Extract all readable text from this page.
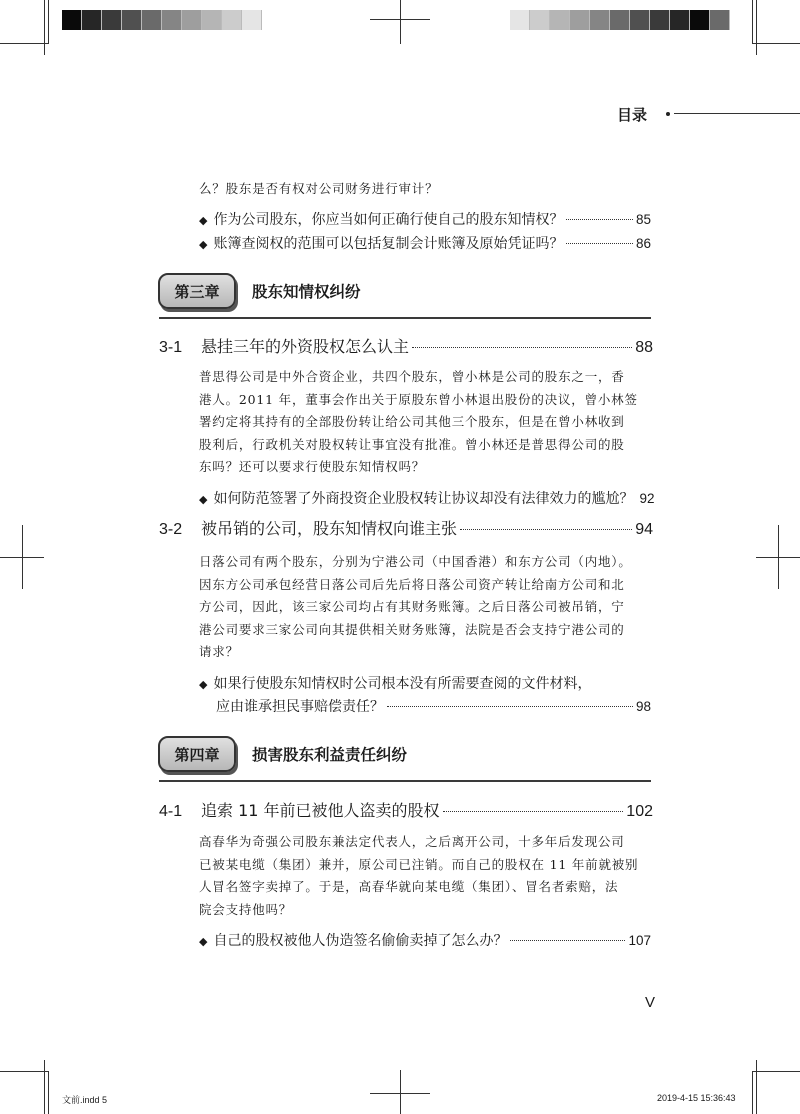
目录
么？股东是否有权对公司财务进行审计？
◆ 作为公司股东，你应当如何正确行使自己的股东知情权？	85
◆ 账簿查阅权的范围可以包括复制会计账簿及原始凭证吗？	86
第三章	股东知情权纠纷
3-1	悬挂三年的外资股权怎么认主	88
普思得公司是中外合资企业，共四个股东，曾小林是公司的股东之一，香
港人。2011 年，董事会作出关于原股东曾小林退出股份的决议，曾小林签
署约定将其持有的全部股份转让给公司其他三个股东，但是在曾小林收到
股利后，行政机关对股权转让事宜没有批准。曾小林还是普思得公司的股
东吗？还可以要求行使股东知情权吗？
◆ 如何防范签署了外商投资企业股权转让协议却没有法律效力的尴尬？ 92
3-2	被吊销的公司，股东知情权向谁主张	94
日落公司有两个股东，分别为宁港公司（中国香港）和东方公司（内地）。
因东方公司承包经营日落公司后先后将日落公司资产转让给南方公司和北
方公司，因此，该三家公司均占有其财务账簿。之后日落公司被吊销，宁
港公司要求三家公司向其提供相关财务账簿，法院是否会支持宁港公司的
请求？
◆ 如果行使股东知情权时公司根本没有所需要查阅的文件材料，
应由谁承担民事赔偿责任？	98
第四章	损害股东利益责任纠纷
4-1	追索 11 年前已被他人盗卖的股权	102
高春华为奇强公司股东兼法定代表人，之后离开公司，十多年后发现公司
已被某电缆（集团）兼并，原公司已注销。而自己的股权在 11 年前就被别
人冒名签字卖掉了。于是，高春华就向某电缆（集团）、冒名者索赔，法
院会支持他吗？
◆ 自己的股权被他人伪造签名偷偷卖掉了怎么办？	107
V
文前.indd 5	2019-4-15 15:36:43
